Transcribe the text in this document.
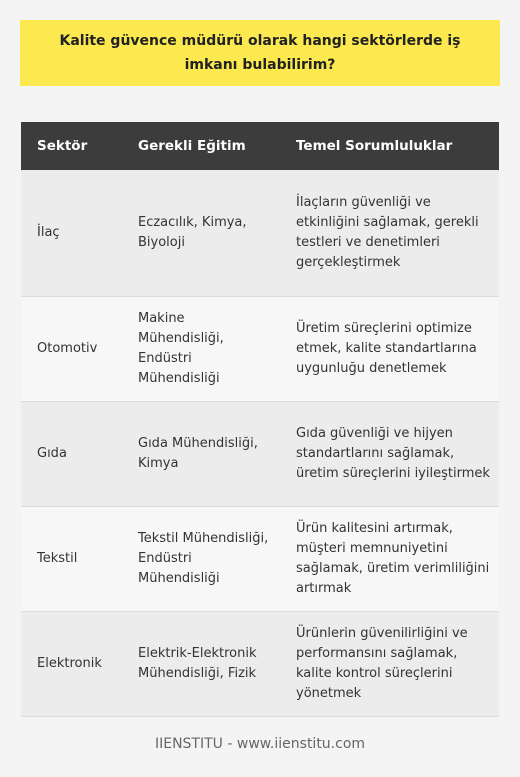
Kalite güvence müdürü olarak hangi sektörlerde iş imkanı bulabilirim?
Sektör	Gerekli Eğitim	Temel Sorumluluklar
İlaç	Eczacılık, Kimya, Biyoloji	İlaçların güvenliği ve etkinliğini sağlamak, gerekli testleri ve denetimleri gerçekleştirmek
Otomotiv	Makine Mühendisliği, Endüstri Mühendisliği	Üretim süreçlerini optimize etmek, kalite standartlarına uygunluğu denetlemek
Gıda	Gıda Mühendisliği, Kimya	Gıda güvenliği ve hijyen standartlarını sağlamak, üretim süreçlerini iyileştirmek
Tekstil	Tekstil Mühendisliği, Endüstri Mühendisliği	Ürün kalitesini artırmak, müşteri memnuniyetini sağlamak, üretim verimliliğini artırmak
Elektronik	Elektrik-Elektronik Mühendisliği, Fizik	Ürünlerin güvenilirliğini ve performansını sağlamak, kalite kontrol süreçlerini yönetmek
IIENSTITU - www.iienstitu.com
